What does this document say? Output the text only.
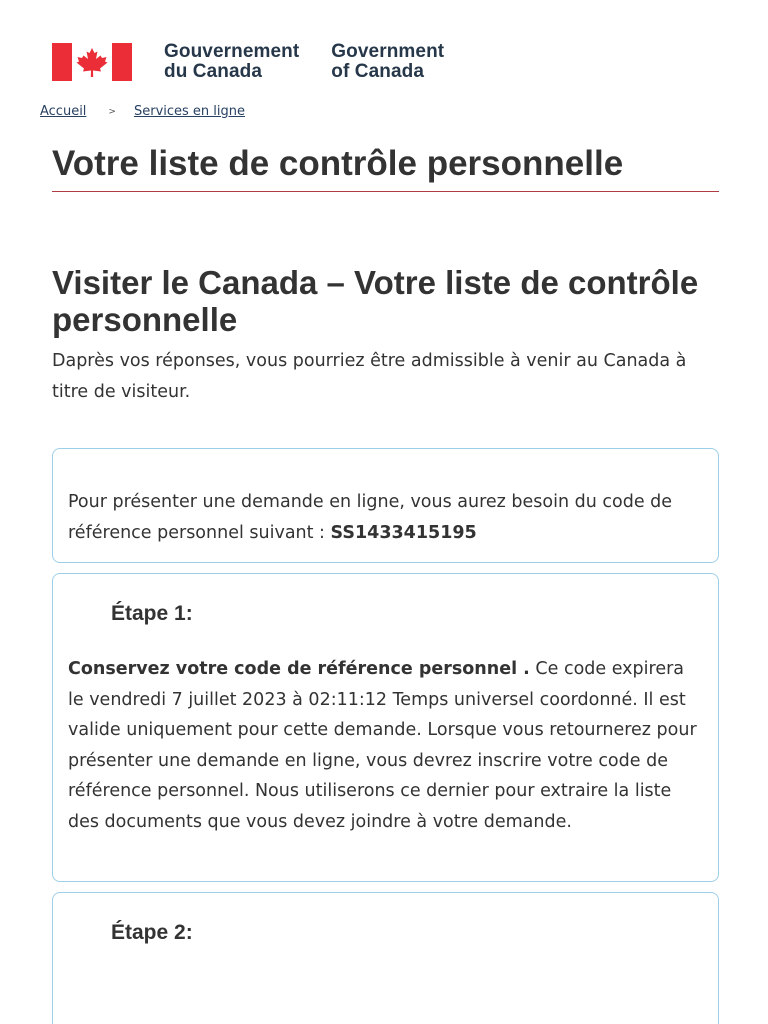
Gouvernement
du Canada
Government
of Canada
Accueil > Services en ligne
Votre liste de contrôle personnelle
Visiter le Canada – Votre liste de contrôle personnelle

Daprès vos réponses, vous pourriez être admissible à venir au Canada à titre de visiteur.

Pour présenter une demande en ligne, vous aurez besoin du code de référence personnel suivant : SS1433415195

Étape 1:

Conservez votre code de référence personnel . Ce code expirera le vendredi 7 juillet 2023 à 02:11:12 Temps universel coordonné. Il est valide uniquement pour cette demande. Lorsque vous retournerez pour présenter une demande en ligne, vous devrez inscrire votre code de référence personnel. Nous utiliserons ce dernier pour extraire la liste des documents que vous devez joindre à votre demande.

Étape 2:
